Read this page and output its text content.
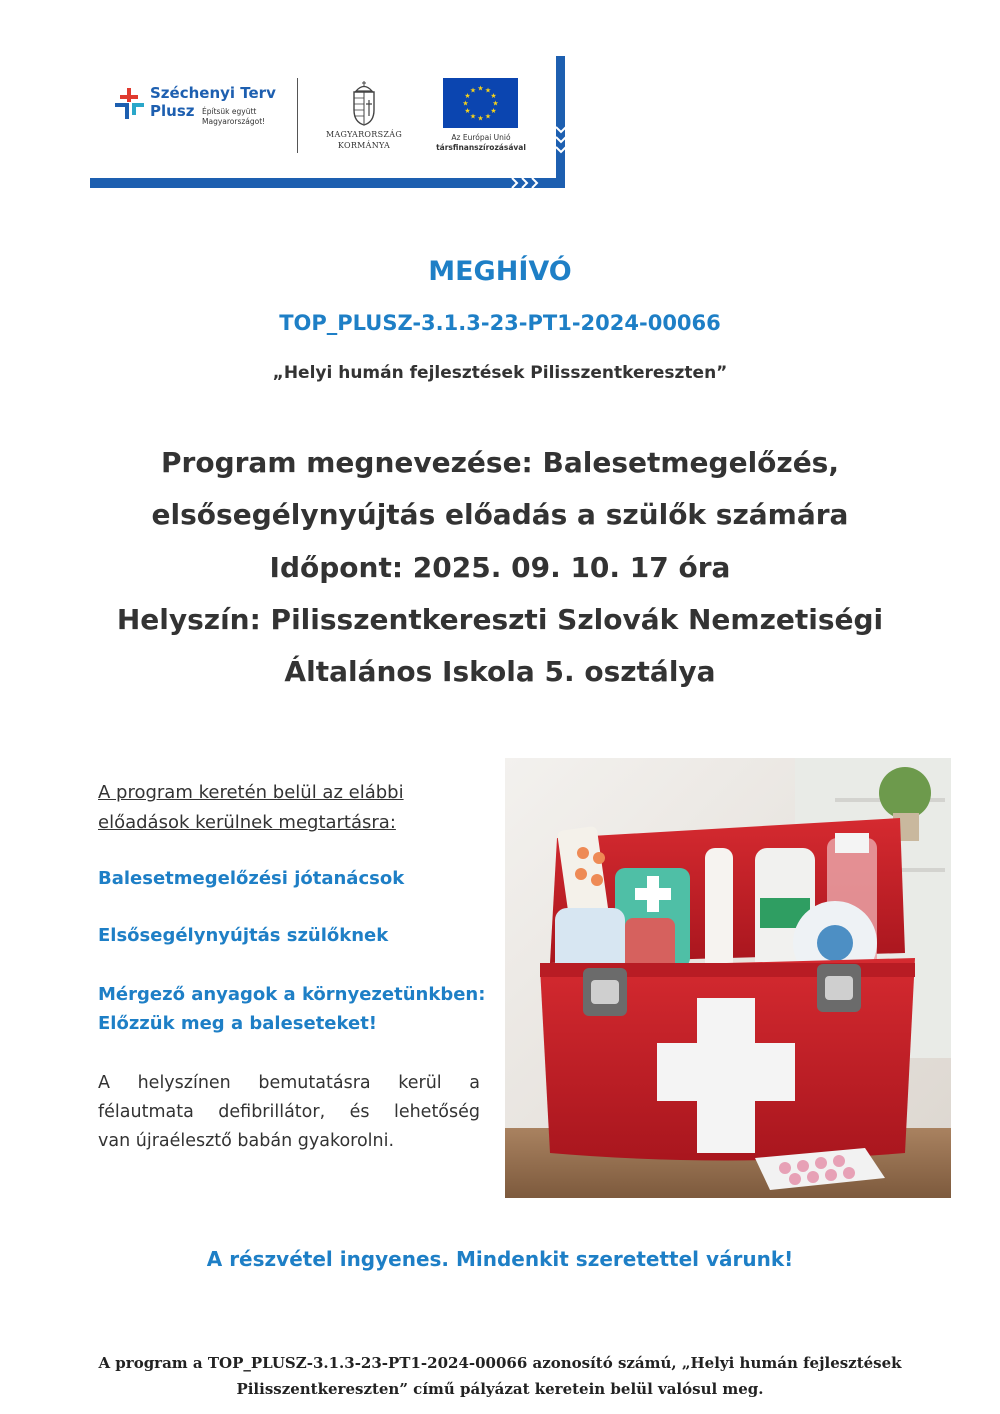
Széchenyi Terv
Plusz Építsük együtt
Magyarországot!
MAGYARORSZÁG
KORMÁNYA
★
★
★
★
★
★
★
★
★ ★ ★
★
Az Európai Unió
társfinanszírozásával
MEGHÍVÓ
TOP_PLUSZ-3.1.3-23-PT1-2024-00066
„Helyi humán fejlesztések Pilisszentkereszten”
Program megnevezése: Balesetmegelőzés,
elsősegélynyújtás előadás a szülők számára
Időpont: 2025. 09. 10. 17 óra
Helyszín: Pilisszentkereszti Szlovák Nemzetiségi
Általános Iskola 5. osztálya
A program keretén belül az elábbi
előadások kerülnek megtartásra:
Balesetmegelőzési jótanácsok
Elsősegélynyújtás szülőknek
Mérgező anyagok a környezetünkben:
Előzzük meg a baleseteket!
A helyszínen bemutatásra kerül a
félautmata defibrillátor, és lehetőség
van újraélesztő babán gyakorolni.
A részvétel ingyenes. Mindenkit szeretettel várunk!
A program a TOP_PLUSZ-3.1.3-23-PT1-2024-00066 azonosító számú, „Helyi humán fejlesztések
Pilisszentkereszten” című pályázat keretein belül valósul meg.
